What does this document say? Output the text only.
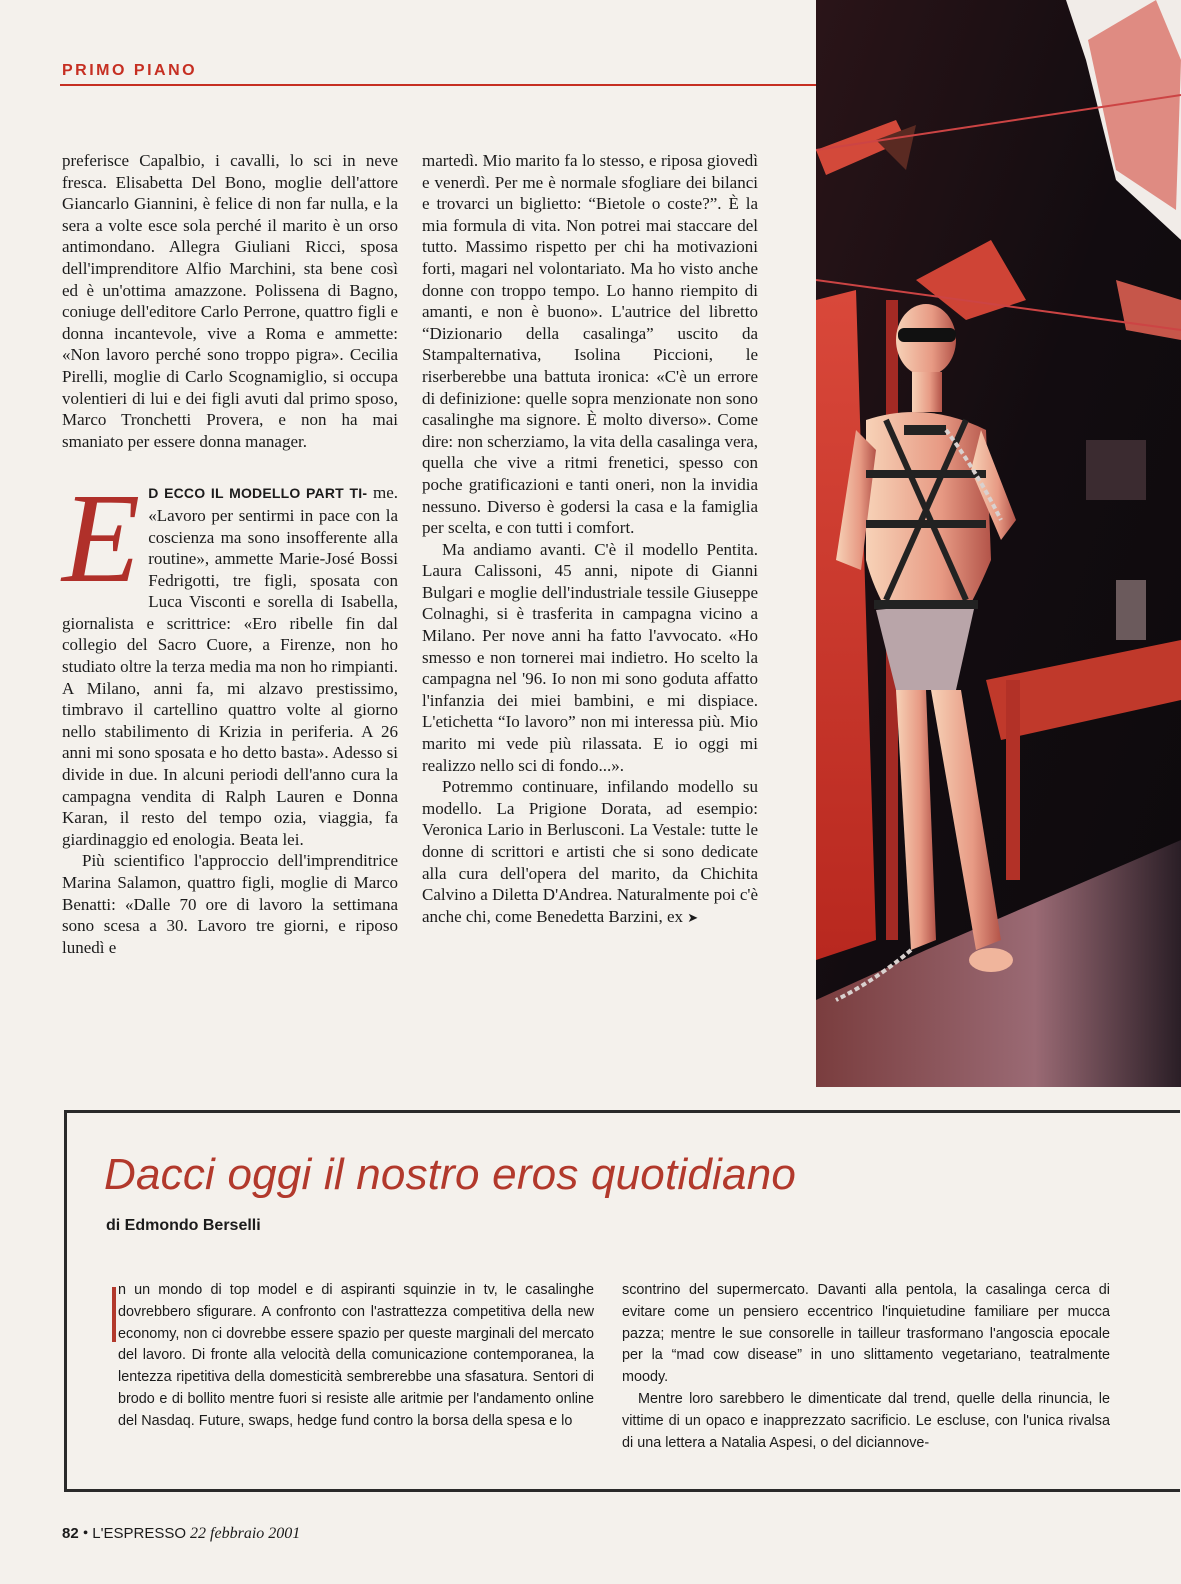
PRIMO PIANO

preferisce Capalbio, i cavalli, lo sci in neve fresca. Elisabetta Del Bono, moglie dell'attore Giancarlo Giannini, è felice di non far nulla, e la sera a volte esce sola perché il marito è un orso antimondano. Allegra Giuliani Ricci, sposa dell'imprenditore Alfio Marchini, sta bene così ed è un'ottima amazzone. Polissena di Bagno, coniuge dell'editore Carlo Perrone, quattro figli e donna incantevole, vive a Roma e ammette: «Non lavoro perché sono troppo pigra». Cecilia Pirelli, moglie di Carlo Scognamiglio, si occupa volentieri di lui e dei figli avuti dal primo sposo, Marco Tronchetti Provera, e non ha mai smaniato per essere donna manager.

E D ECCO IL MODELLO PART TI- me. «Lavoro per sentirmi in pace con la coscienza ma sono insofferente alla routine», ammette Marie-José Bossi Fedrigotti, tre figli, sposata con Luca Visconti e sorella di Isabella, giornalista e scrittrice: «Ero ribelle fin dal collegio del Sacro Cuore, a Firenze, non ho studiato oltre la terza media ma non ho rimpianti. A Milano, anni fa, mi alzavo prestissimo, timbravo il cartellino quattro volte al giorno nello stabilimento di Krizia in periferia. A 26 anni mi sono sposata e ho detto basta». Adesso si divide in due. In alcuni periodi dell'anno cura la campagna vendita di Ralph Lauren e Donna Karan, il resto del tempo ozia, viaggia, fa giardinaggio ed enologia. Beata lei.

Più scientifico l'approccio dell'imprenditrice Marina Salamon, quattro figli, moglie di Marco Benatti: «Dalle 70 ore di lavoro la settimana sono scesa a 30. Lavoro tre giorni, e riposo lunedì e

martedì. Mio marito fa lo stesso, e riposa giovedì e venerdì. Per me è normale sfogliare dei bilanci e trovarci un biglietto: “Bietole o coste?”. È la mia formula di vita. Non potrei mai staccare del tutto. Massimo rispetto per chi ha motivazioni forti, magari nel volontariato. Ma ho visto anche donne con troppo tempo. Lo hanno riempito di amanti, e non è buono». L'autrice del libretto “Dizionario della casalinga” uscito da Stampalternativa, Isolina Piccioni, le riserberebbe una battuta ironica: «C'è un errore di definizione: quelle sopra menzionate non sono casalinghe ma signore. È molto diverso». Come dire: non scherziamo, la vita della casalinga vera, quella che vive a ritmi frenetici, spesso con poche gratificazioni e tanti oneri, non la invidia nessuno. Diverso è godersi la casa e la famiglia per scelta, e con tutti i comfort.

Ma andiamo avanti. C'è il modello Pentita. Laura Calissoni, 45 anni, nipote di Gianni Bulgari e moglie dell'industriale tessile Giuseppe Colnaghi, si è trasferita in campagna vicino a Milano. Per nove anni ha fatto l'avvocato. «Ho smesso e non tornerei mai indietro. Ho scelto la campagna nel '96. Io non mi sono goduta affatto l'infanzia dei miei bambini, e mi dispiace. L'etichetta “Io lavoro” non mi interessa più. Mio marito mi vede più rilassata. E io oggi mi realizzo nello sci di fondo...».

Potremmo continuare, infilando modello su modello. La Prigione Dorata, ad esempio: Veronica Lario in Berlusconi. La Vestale: tutte le donne di scrittori e artisti che si sono dedicate alla cura dell'opera del marito, da Chichita Calvino a Diletta D'Andrea. Naturalmente poi c'è anche chi, come Benedetta Barzini, ex ➤

Dacci oggi il nostro eros quotidiano
di Edmondo Berselli

n un mondo di top model e di aspiranti squinzie in tv, le casalinghe dovrebbero sfigurare. A confronto con l'astrattezza competitiva della new economy, non ci dovrebbe essere spazio per queste marginali del mercato del lavoro. Di fronte alla velocità della comunicazione contemporanea, la lentezza ripetitiva della domesticità sembrerebbe una sfasatura. Sentori di brodo e di bollito mentre fuori si resiste alle aritmie per l'andamento online del Nasdaq. Future, swaps, hedge fund contro la borsa della spesa e lo

scontrino del supermercato. Davanti alla pentola, la casalinga cerca di evitare come un pensiero eccentrico l'inquietudine familiare per mucca pazza; mentre le sue consorelle in tailleur trasformano l'angoscia epocale per la “mad cow disease” in uno slittamento vegetariano, teatralmente moody.

Mentre loro sarebbero le dimenticate dal trend, quelle della rinuncia, le vittime di un opaco e inapprezzato sacrificio. Le escluse, con l'unica rivalsa di una lettera a Natalia Aspesi, o del diciannove-

82 • L'ESPRESSO 22 febbraio 2001
